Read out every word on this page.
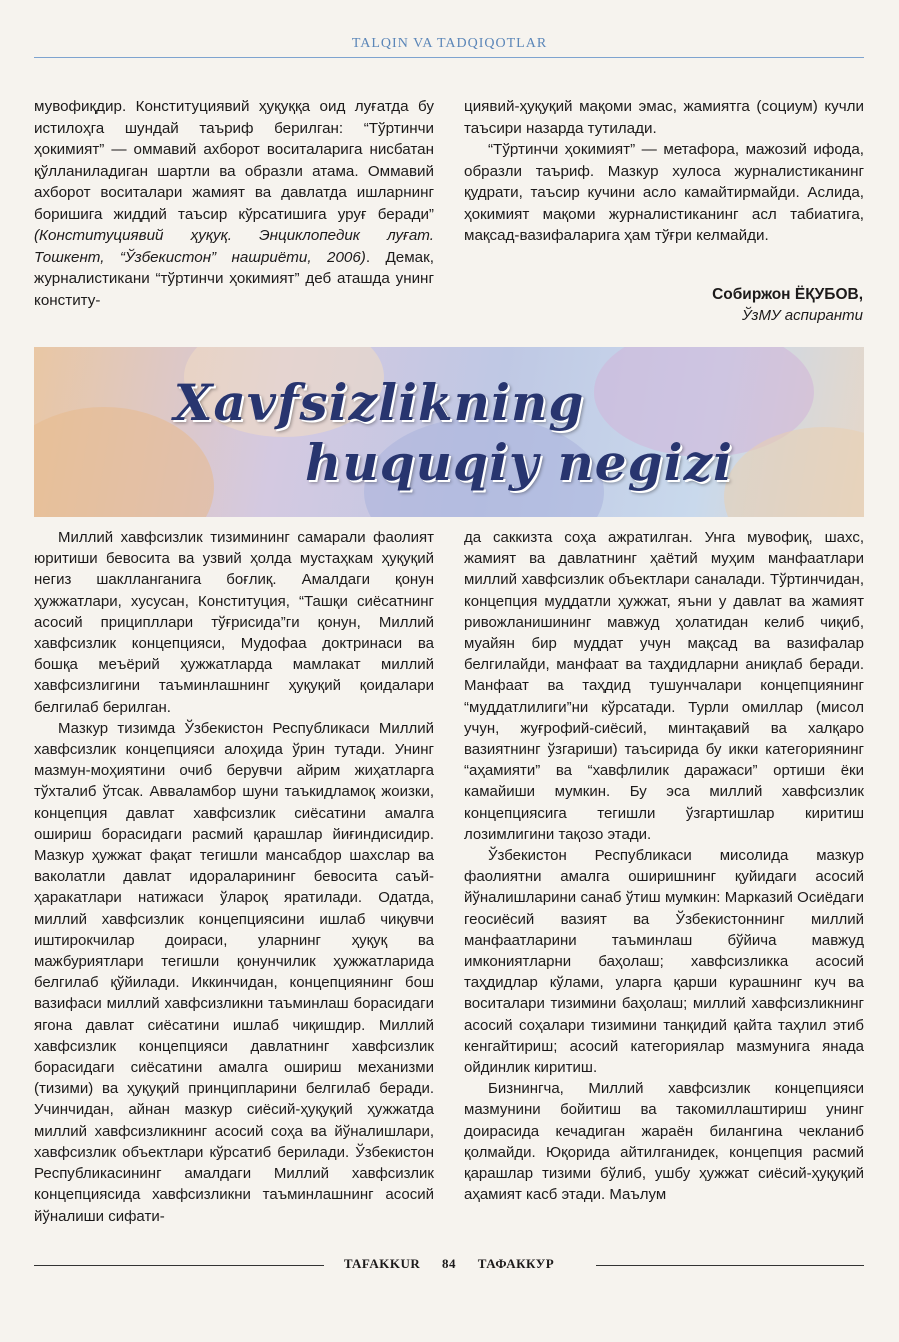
TALQIN VA TADQIQOTLAR

мувофиқдир. Конституциявий ҳуқуққа оид луғатда бу истилоҳга шундай таъриф берилган: “Тўртинчи ҳокимият” — оммавий ахборот воситаларига нисбатан қўлланиладиган шартли ва образли атама. Оммавий ахборот воситалари жамият ва давлатда ишларнинг боришига жиддий таъсир кўрсатишига уруғ беради” (Конституциявий ҳуқуқ. Энциклопедик луғат. Тошкент, “Ўзбекистон” нашриёти, 2006). Демак, журналистикани “тўртинчи ҳокимият” деб аташда унинг конститу-

циявий-ҳуқуқий мақоми эмас, жамиятга (социум) кучли таъсири назарда тутилади.

“Тўртинчи ҳокимият” — метафора, мажозий ифода, образли таъриф. Мазкур хулоса журналистиканинг қудрати, таъсир кучини асло камайтирмайди. Аслида, ҳокимият мақоми журналистиканинг асл табиатига, мақсад-вазифаларига ҳам тўғри келмайди.

Собиржон ЁҚУБОВ,
ЎзМУ аспиранти
Xavfsizlikning
huquqiy negizi

Миллий хавфсизлик тизимининг самарали фаолият юритиши бевосита ва узвий ҳолда мустаҳкам ҳуқуқий негиз шаклланганига боғлиқ. Амалдаги қонун ҳужжатлари, хусусан, Конституция, “Ташқи сиёсатнинг асосий приципллари тўғрисида”ги қонун, Миллий хавфсизлик концепцияси, Мудофаа доктринаси ва бошқа меъёрий ҳужжатларда мамлакат миллий хавфсизлигини таъминлашнинг ҳуқуқий қоидалари белгилаб берилган.

Мазкур тизимда Ўзбекистон Республикаси Миллий хавфсизлик концепцияси алоҳида ўрин тутади. Унинг мазмун-моҳиятини очиб берувчи айрим жиҳатларга тўхталиб ўтсак. Авваламбор шуни таъкидламоқ жоизки, концепция давлат хавфсизлик сиёсатини амалга ошириш борасидаги расмий қарашлар йиғиндисидир. Мазкур ҳужжат фақат тегишли мансабдор шахслар ва ваколатли давлат идораларининг бевосита саъй-ҳаракатлари натижаси ўлароқ яратилади. Одатда, миллий хавфсизлик концепциясини ишлаб чиқувчи иштирокчилар доираси, уларнинг ҳуқуқ ва мажбуриятлари тегишли қонунчилик ҳужжатларида белгилаб қўйилади. Иккинчидан, концепциянинг бош вазифаси миллий хавфсизликни таъминлаш борасидаги ягона давлат сиёсатини ишлаб чиқишдир. Миллий хавфсизлик концепцияси давлатнинг хавфсизлик борасидаги сиёсатини амалга ошириш механизми (тизими) ва ҳуқуқий принципларини белгилаб беради. Учинчидан, айнан мазкур сиёсий-ҳуқуқий ҳужжатда миллий хавфсизликнинг асосий соҳа ва йўналишлари, хавфсизлик объектлари кўрсатиб берилади. Ўзбекистон Республикасининг амалдаги Миллий хавфсизлик концепциясида хавфсизликни таъминлашнинг асосий йўналиши сифати-

да саккизта соҳа ажратилган. Унга мувофиқ, шахс, жамият ва давлатнинг ҳаётий муҳим манфаатлари миллий хавфсизлик объектлари саналади. Тўртинчидан, концепция муддатли ҳужжат, яъни у давлат ва жамият ривожланишининг мавжуд ҳолатидан келиб чиқиб, муайян бир муддат учун мақсад ва вазифалар белгилайди, манфаат ва таҳдидларни аниқлаб беради. Манфаат ва таҳдид тушунчалари концепциянинг “муддатлилиги”ни кўрсатади. Турли омиллар (мисол учун, жуғрофий-сиёсий, минтақавий ва халқаро вазиятнинг ўзгариши) таъсирида бу икки категориянинг “аҳамияти” ва “хавфлилик даражаси” ортиши ёки камайиши мумкин. Бу эса миллий хавфсизлик концепциясига тегишли ўзгартишлар киритиш лозимлигини тақозо этади.

Ўзбекистон Республикаси мисолида мазкур фаолиятни амалга оширишнинг қуйидаги асосий йўналишларини санаб ўтиш мумкин: Марказий Осиёдаги геосиёсий вазият ва Ўзбекистоннинг миллий манфаатларини таъминлаш бўйича мавжуд имкониятларни баҳолаш; хавфсизликка асосий таҳдидлар кўлами, уларга қарши курашнинг куч ва воситалари тизимини баҳолаш; миллий хавфсизликнинг асосий соҳалари тизимини танқидий қайта таҳлил этиб кенгайтириш; асосий категориялар мазмунига янада ойдинлик киритиш.

Бизнингча, Миллий хавфсизлик концепцияси мазмунини бойитиш ва такомиллаштириш унинг доирасида кечадиган жараён билангина чекланиб қолмайди. Юқорида айтилганидек, концепция расмий қарашлар тизими бўлиб, ушбу ҳужжат сиёсий-ҳуқуқий аҳамият касб этади. Маълум

TAFAKKUR 84 ТАФАККУР
